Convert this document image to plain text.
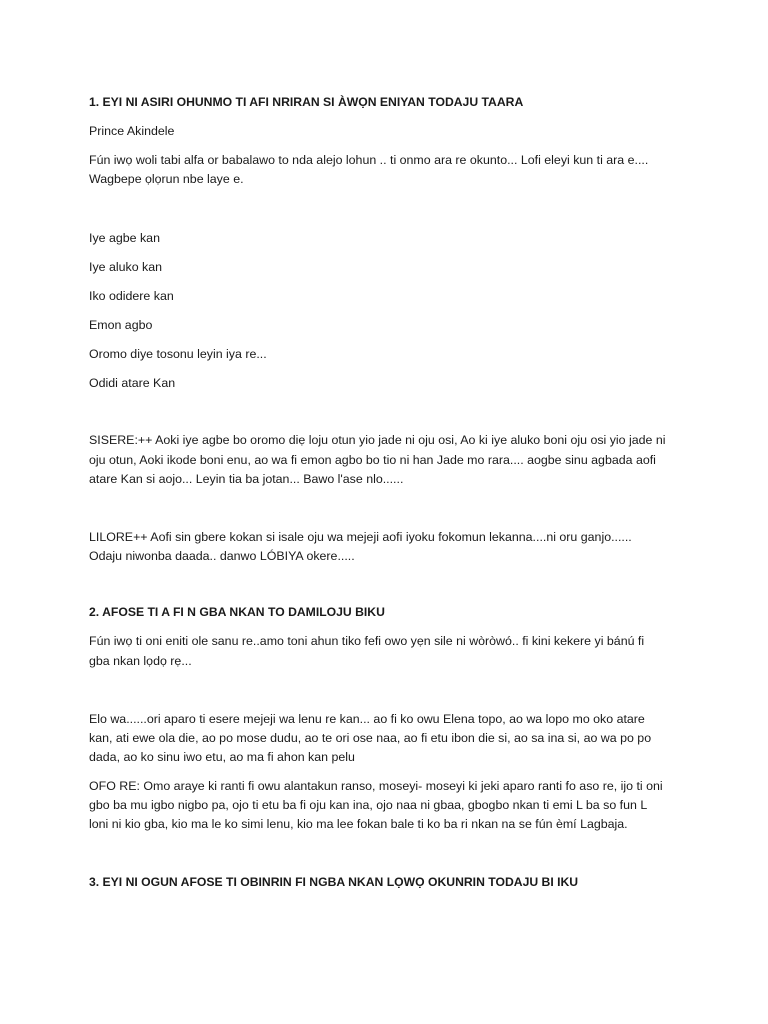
1. EYI NI ASIRI OHUNMO TI AFI NRIRAN SI ÀWỌN ENIYAN TODAJU TAARA

Prince Akindele

Fún iwọ woli tabi alfa or babalawo to nda alejo lohun .. ti onmo ara re okunto... Lofi eleyi kun ti ara e....

Wagbepe ọlọrun nbe laye e.

Iye agbe kan

Iye aluko kan

Iko odidere kan

Emon agbo

Oromo diye tosonu leyin iya re...

Odidi atare Kan

SISERE:++ Aoki iye agbe bo oromo diẹ loju otun yio jade ni oju osi, Ao ki iye aluko boni oju osi yio jade ni

oju otun, Aoki ikode boni enu, ao wa fi emon agbo bo tio ni han Jade mo rara.... aogbe sinu agbada aofi

atare Kan si aojo... Leyin tia ba jotan... Bawo l'ase nlo......

LILORE++ Aofi sin gbere kokan si isale oju wa mejeji aofi iyoku fokomun lekanna....ni oru ganjo......

Odaju niwonba daada.. danwo LÓBIYA okere.....

2. AFOSE TI A FI N GBA NKAN TO DAMILOJU BIKU

Fún iwọ ti oni eniti ole sanu re..amo toni ahun tiko fefi owo yẹn sile ni wòròwó.. fi kini kekere yi bánú fi

gba nkan lọdọ rẹ...

Elo wa......ori aparo ti esere mejeji wa lenu re kan... ao fi ko owu Elena topo, ao wa lopo mo oko atare

kan, ati ewe ola die, ao po mose dudu, ao te ori ose naa, ao fi etu ibon die si, ao sa ina si, ao wa po po

dada, ao ko sinu iwo etu, ao ma fi ahon kan pelu

OFO RE: Omo araye ki ranti fi owu alantakun ranso, moseyi- moseyi ki jeki aparo ranti fo aso re, ijo ti oni

gbo ba mu igbo nigbo pa, ojo ti etu ba fi oju kan ina, ojo naa ni gbaa, gbogbo nkan ti emi L ba so fun L

loni ni kio gba, kio ma le ko simi lenu, kio ma lee fokan bale ti ko ba ri nkan na se fún èmí Lagbaja.

3. EYI NI OGUN AFOSE TI OBINRIN FI NGBA NKAN LỌWỌ OKUNRIN TODAJU BI IKU
